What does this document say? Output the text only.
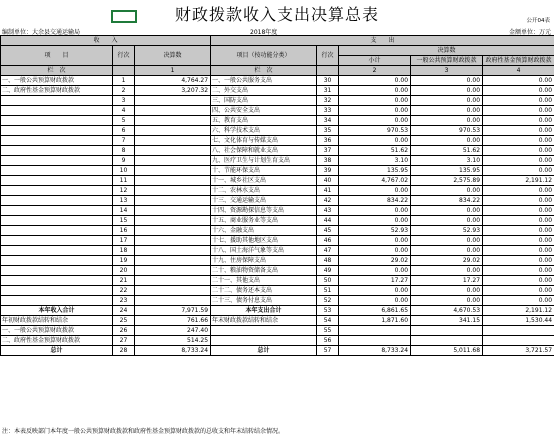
财政拨款收入支出决算总表	公开04表
编制单位：大余县交通运输局	2018年度	金额单位：万元
收　　入			支　　出				
项　　目	行次	决算数	项目（按功能分类）	行次	决算数		
					小计	一般公共预算财政拨款	政府性基金预算财政拨款

栏　次		1	栏　次		2	3	4
一、一般公共预算财政拨款	1	4,764.27	一、一般公共服务支出	30	0.00	0.00	0.00
二、政府性基金预算财政拨款	2	3,207.32	二、外交支出	31	0.00	0.00	0.00
	3		三、国防支出	32	0.00	0.00	0.00
	4		四、公共安全支出	33	0.00	0.00	0.00
	5		五、教育支出	34	0.00	0.00	0.00
	6		六、科学技术支出	35	970.53	970.53	0.00
	7		七、文化体育与传媒支出	36	0.00	0.00	0.00
	8		八、社会保障和就业支出	37	51.62	51.62	0.00
	9		九、医疗卫生与计划生育支出	38	3.10	3.10	0.00
	10		十、节能环保支出	39	135.95	135.95	0.00
	11		十一、城乡社区支出	40	4,767.02	2,575.89	2,191.12
	12		十二、农林水支出	41	0.00	0.00	0.00
	13		十三、交通运输支出	42	834.22	834.22	0.00
	14		十四、资源勘探信息等支出	43	0.00	0.00	0.00
	15		十五、商业服务业等支出	44	0.00	0.00	0.00
	16		十六、金融支出	45	52.93	52.93	0.00
	17		十七、援助其他地区支出	46	0.00	0.00	0.00
	18		十八、国土海洋气象等支出	47	0.00	0.00	0.00
	19		十九、住房保障支出	48	29.02	29.02	0.00
	20		二十、粮油物资储备支出	49	0.00	0.00	0.00
	21		二十一、其他支出	50	17.27	17.27	0.00
	22		二十二、债务还本支出	51	0.00	0.00	0.00
	23		二十三、债务付息支出	52	0.00	0.00	0.00
本年收入合计	24	7,971.59	本年支出合计	53	6,861.65	4,670.53	2,191.12
年初财政拨款结转和结余	25	761.66	年末财政拨款结转和结余	54	1,871.60	341.15	1,530.44
一、一般公共预算财政拨款	26	247.40		55			
二、政府性基金预算财政拨款	27	514.25		56			
总计	28	8,733.24	总计	57	8,733.24	5,011.68	3,721.57
注：本表反映部门本年度一般公共预算财政拨款和政府性基金预算财政拨款的总收支和年末结转结余情况。
